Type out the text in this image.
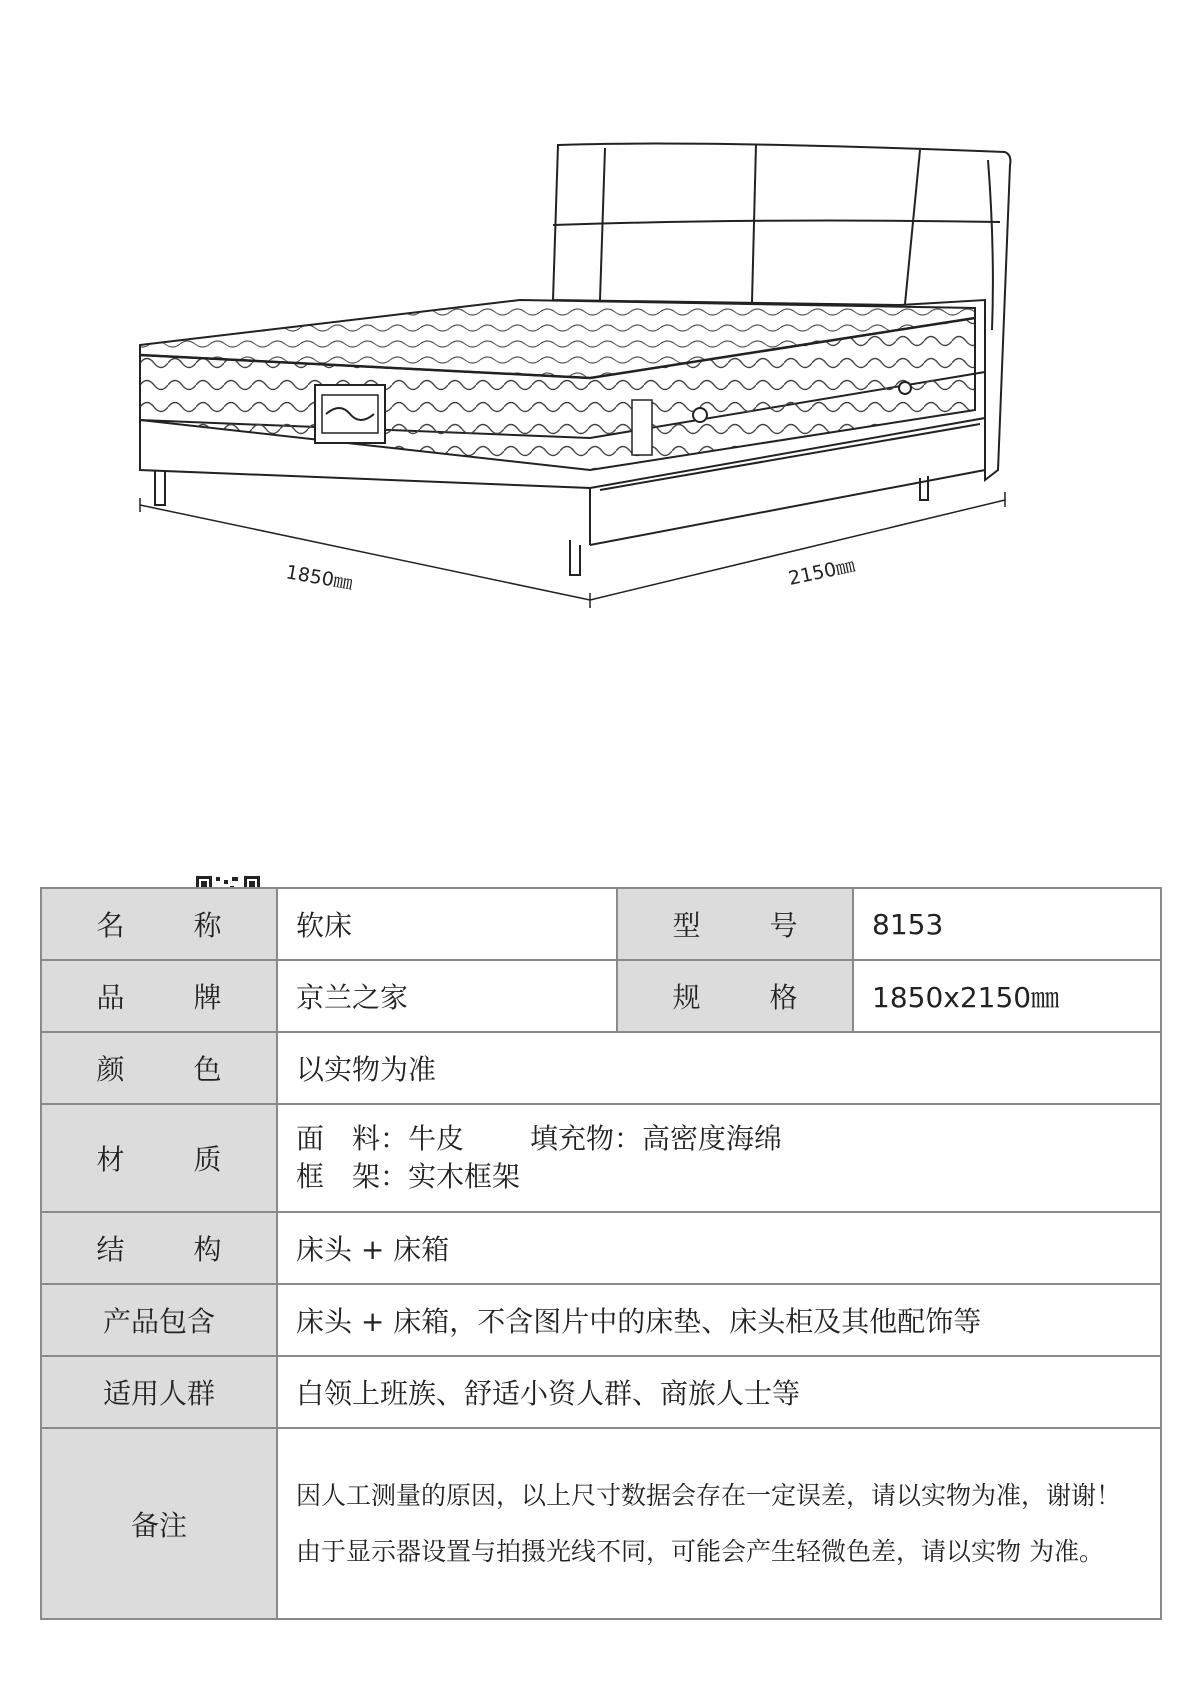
1850㎜	2150㎜
名称	软床	型号	8153
品牌	京兰之家	规格	1850x2150㎜
颜色	以实物为准		
材质	面　料：牛皮 填充物：高密度海绵
框　架：实木框架		

结构	床头 + 床箱		
产品包含	床头 + 床箱，不含图片中的床垫、床头柜及其他配饰等		
适用人群	白领上班族、舒适小资人群、商旅人士等		
备注	因人工测量的原因，以上尺寸数据会存在一定误差，请以实物为准，谢谢！
由于显示器设置与拍摄光线不同，可能会产生轻微色差，请以实物 为准。		
